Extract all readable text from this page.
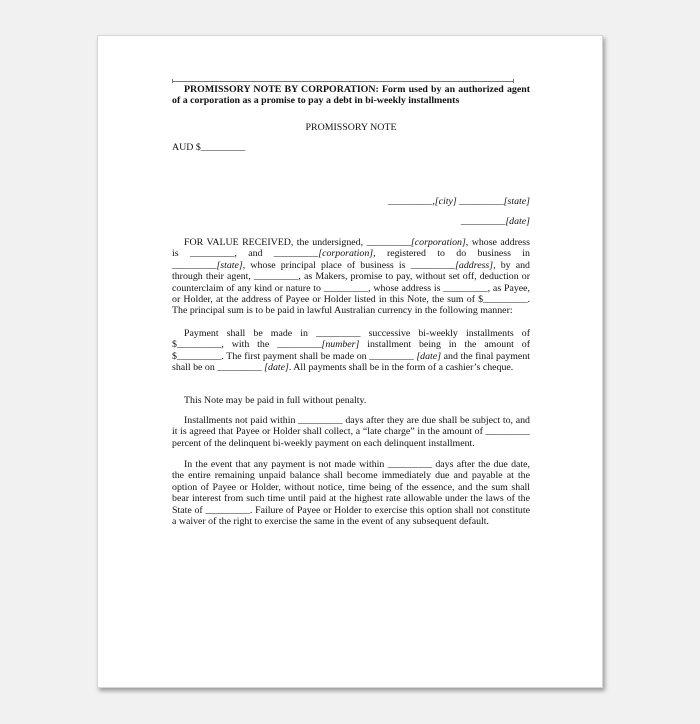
PROMISSORY NOTE BY CORPORATION: Form used by an authorized agent of a corporation as a promise to pay a debt in bi-weekly installments
PROMISSORY NOTE
AUD $_________
_________,[city] _________[state]
_________[date]
FOR VALUE RECEIVED, the undersigned, _________[corporation], whose address is _________, and _________[corporation], registered to do business in _________[state], whose principal place of business is _________[address], by and through their agent, _________, as Makers, promise to pay, without set off, deduction or counterclaim of any kind or nature to _________, whose address is _________, as Payee, or Holder, at the address of Payee or Holder listed in this Note, the sum of $_________. The principal sum is to be paid in lawful Australian currency in the following manner:
Payment shall be made in _________ successive bi-weekly installments of $_________, with the _________[number] installment being in the amount of $_________. The first payment shall be made on _________ [date] and the final payment shall be on _________ [date]. All payments shall be in the form of a cashier’s cheque.
This Note may be paid in full without penalty.
Installments not paid within _________ days after they are due shall be subject to, and it is agreed that Payee or Holder shall collect, a “late charge” in the amount of _________ percent of the delinquent bi-weekly payment on each delinquent installment.
In the event that any payment is not made within _________ days after the due date, the entire remaining unpaid balance shall become immediately due and payable at the option of Payee or Holder, without notice, time being of the essence, and the sum shall bear interest from such time until paid at the highest rate allowable under the laws of the State of _________. Failure of Payee or Holder to exercise this option shall not constitute a waiver of the right to exercise the same in the event of any subsequent default.
